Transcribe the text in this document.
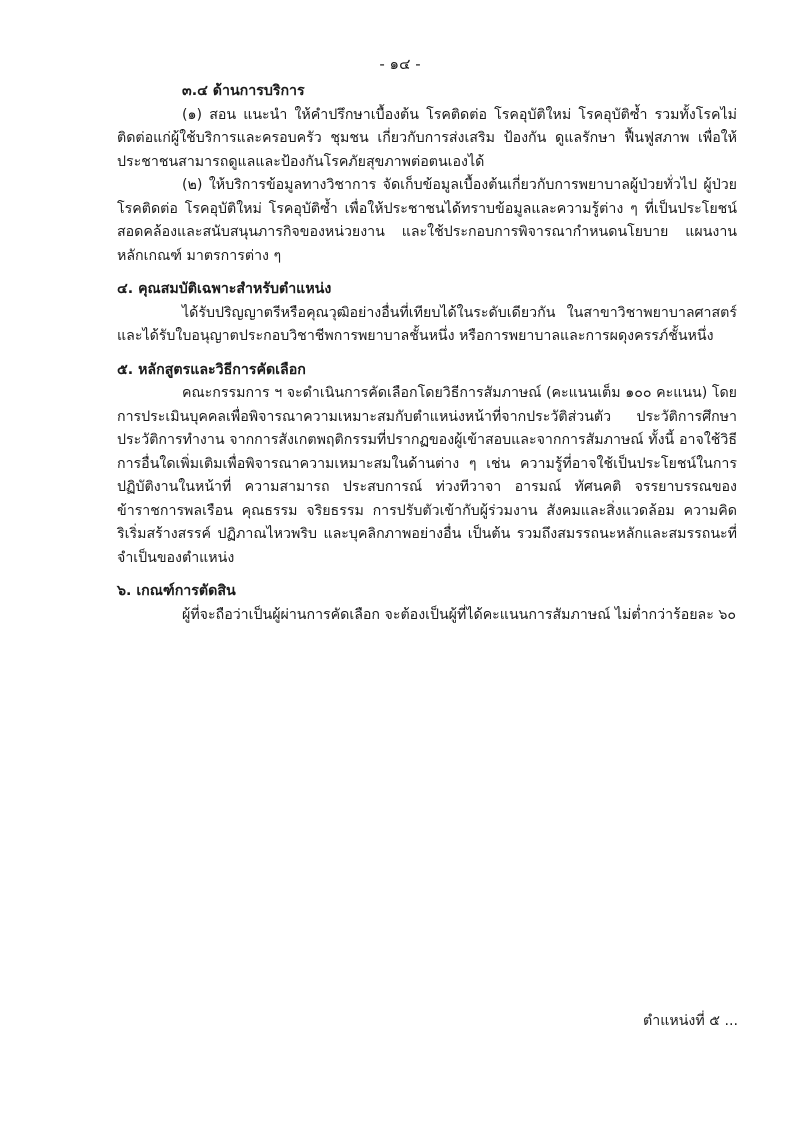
- ๑๔ -

๓.๔ ด้านการบริการ

(๑) สอน แนะนำ ให้คำปรึกษาเบื้องต้น โรคติดต่อ โรคอุบัติใหม่ โรคอุบัติซ้ำ รวมทั้งโรคไม่ติดต่อแก่ผู้ใช้บริการและครอบครัว ชุมชน เกี่ยวกับการส่งเสริม ป้องกัน ดูแลรักษา ฟื้นฟูสภาพ เพื่อให้ประชาชนสามารถดูแลและป้องกันโรคภัยสุขภาพต่อตนเองได้

(๒) ให้บริการข้อมูลทางวิชาการ จัดเก็บข้อมูลเบื้องต้นเกี่ยวกับการพยาบาลผู้ป่วยทั่วไป ผู้ป่วยโรคติดต่อ โรคอุบัติใหม่ โรคอุบัติซ้ำ เพื่อให้ประชาชนได้ทราบข้อมูลและความรู้ต่าง ๆ ที่เป็นประโยชน์ สอดคล้องและสนับสนุนภารกิจของหน่วยงาน และใช้ประกอบการพิจารณากำหนดนโยบาย แผนงาน หลักเกณฑ์ มาตรการต่าง ๆ

๔. คุณสมบัติเฉพาะสำหรับตำแหน่ง

ได้รับปริญญาตรีหรือคุณวุฒิอย่างอื่นที่เทียบได้ในระดับเดียวกัน ในสาขาวิชาพยาบาลศาสตร์ และได้รับใบอนุญาตประกอบวิชาชีพการพยาบาลชั้นหนึ่ง หรือการพยาบาลและการผดุงครรภ์ชั้นหนึ่ง

๕. หลักสูตรและวิธีการคัดเลือก

คณะกรรมการ ฯ จะดำเนินการคัดเลือกโดยวิธีการสัมภาษณ์ (คะแนนเต็ม ๑๐๐ คะแนน) โดยการประเมินบุคคลเพื่อพิจารณาความเหมาะสมกับตำแหน่งหน้าที่จากประวัติส่วนตัว ประวัติการศึกษา ประวัติการทำงาน จากการสังเกตพฤติกรรมที่ปรากฏของผู้เข้าสอบและจากการสัมภาษณ์ ทั้งนี้ อาจใช้วิธีการอื่นใดเพิ่มเติมเพื่อพิจารณาความเหมาะสมในด้านต่าง ๆ เช่น ความรู้ที่อาจใช้เป็นประโยชน์ในการปฏิบัติงานในหน้าที่ ความสามารถ ประสบการณ์ ท่วงทีวาจา อารมณ์ ทัศนคติ จรรยาบรรณของข้าราชการพลเรือน คุณธรรม จริยธรรม การปรับตัวเข้ากับผู้ร่วมงาน สังคมและสิ่งแวดล้อม ความคิดริเริ่มสร้างสรรค์ ปฏิภาณไหวพริบ และบุคลิกภาพอย่างอื่น เป็นต้น รวมถึงสมรรถนะหลักและสมรรถนะที่จำเป็นของตำแหน่ง

๖. เกณฑ์การตัดสิน

ผู้ที่จะถือว่าเป็นผู้ผ่านการคัดเลือก จะต้องเป็นผู้ที่ได้คะแนนการสัมภาษณ์ ไม่ต่ำกว่าร้อยละ ๖๐

ตำแหน่งที่ ๕ ...
